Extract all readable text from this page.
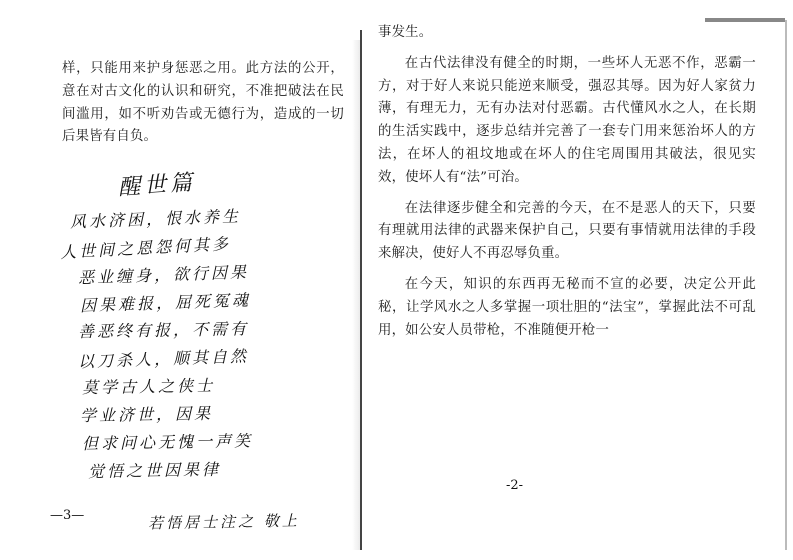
样，只能用来护身惩恶之用。此方法的公开，意在对古文化的认识和研究，不准把破法在民间滥用，如不听劝告或无德行为，造成的一切后果皆有自负。

醒世篇
风水济困，恨水养生
人世间之恩怨何其多
恶业缠身，欲行因果
因果难报，屈死冤魂
善恶终有报，不需有
以刀杀人，顺其自然
莫学古人之侠士
学业济世，因果
但求问心无愧一声笑
觉悟之世因果律
若悟居士注之 敬上
—3—

事发生。

在古代法律没有健全的时期，一些坏人无恶不作，恶霸一方，对于好人来说只能逆来顺受，强忍其辱。因为好人家贫力薄，有理无力，无有办法对付恶霸。古代懂风水之人，在长期的生活实践中，逐步总结并完善了一套专门用来惩治坏人的方法，在坏人的祖坟地或在坏人的住宅周围用其破法，很见实效，使坏人有“法”可治。

在法律逐步健全和完善的今天，在不是恶人的天下，只要有理就用法律的武器来保护自己，只要有事情就用法律的手段来解决，使好人不再忍辱负重。

在今天，知识的东西再无秘而不宣的必要，决定公开此秘，让学风水之人多掌握一项壮胆的“法宝”，掌握此法不可乱用，如公安人员带枪，不准随便开枪一

-2-
